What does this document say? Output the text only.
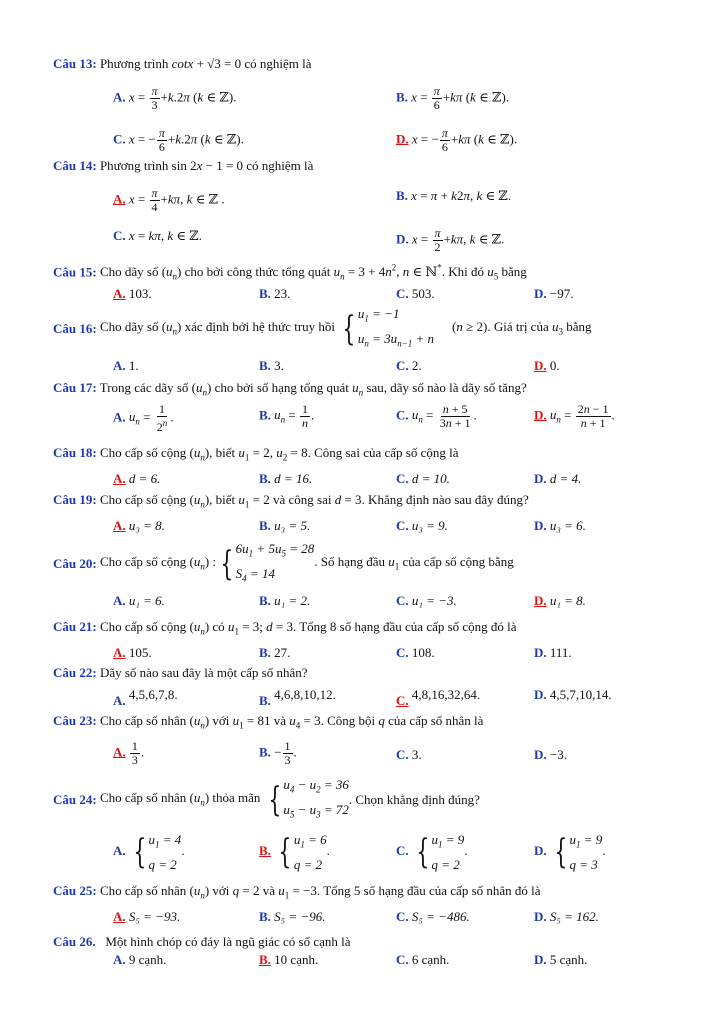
Câu 13: Phương trình cotx + √3 = 0 có nghiệm là
A. $x = \frac{\pi}{3} +k.2\pi$ (k ∈ ℤ).	B. $x = \frac{\pi}{6} +k\pi$ (k ∈ ℤ).
C. x = − $\frac{\pi}{6} +k.2\pi$ (k ∈ ℤ).	D. x = − $\frac{\pi}{6} +k\pi$ (k ∈ ℤ).
Câu 14: Phương trình sin 2x − 1 = 0 có nghiệm là
A. $x = \frac{\pi}{4} +k\pi$, k ∈ ℤ .	B. x = π + k2π, k ∈ ℤ.
C. x = kπ, k ∈ ℤ.	D. $x = \frac{\pi}{2} +k\pi$, k ∈ ℤ.
Câu 15: Cho dãy số $(u_n)$ cho bởi công thức tổng quát $u_n = 3 + 4n^2$, n ∈ ℕ*. Khi đó $u_5$ bằng
A. 103.	B. 23.	C. 503.	D. −97.
Câu 16:
Cho dãy số $(u_n)$ xác định bởi hệ thức truy hồi
{ $u_1 = -1$
$u_n = 3u_{n-1} + n$
(n ≥ 2). Giá trị của $u_3$ bằng
A. 1.	B. 3.	C. 2.	D. 0.
Câu 17: Trong các dãy số $(u_n)$ cho bởi số hạng tổng quát $u_n$ sau, dãy số nào là dãy số tăng?
A. $u_n = \frac{1}{2^n}$ .	B. $u_n = \frac{1}{n}$ .	C. $u_n = \frac{n + 5}{3n + 1}$ .	D. $u_n = \frac{2n - 1}{n + 1}$ .
Câu 18: Cho cấp số cộng $(u_n)$, biết $u_1 = 2$, $u_2 = 8$. Công sai của cấp số cộng là
A. d = 6.	B. d = 16.	C. d = 10.	D. d = 4.
Câu 19: Cho cấp số cộng $(u_n)$, biết $u_1 = 2$ và công sai d = 3. Khẳng định nào sau đây đúng?
A. u₃ = 8.	B. u₃ = 5.	C. u₃ = 9.	D. u₃ = 6.
Câu 20:
Cho cấp số cộng $(u_n)$ : { $6u_1 + 5u_5 = 28$
$S_4 = 14$
. Số hạng đầu $u_1$ của cấp số cộng bằng
A. u₁ = 6.	B. u₁ = 2.	C. u₁ = −3.	D. u₁ = 8.
Câu 21: Cho cấp số cộng $(u_n)$ có $u_1 = 3$; d = 3. Tổng 8 số hạng đầu của cấp số cộng đó là
A. 105.	B. 27.	C. 108.	D. 111.
Câu 22: Dãy số nào sau đây là một cấp số nhân?
A. 4,5,6,7,8.	B. 4,6,8,10,12.	C. 4,8,16,32,64.	D. 4,5,7,10,14.
Câu 23: Cho cấp số nhân $(u_n)$ với $u_1 = 81$ và $u_4 = 3$. Công bội q của cấp số nhân là
A. $\frac{1}{3}$ .	B. − $\frac{1}{3}$ .	C. 3.	D. −3.
Câu 24:
Cho cấp số nhân $(u_n)$ thỏa mãn
{ $u_4 - u_2 = 36$
$u_5 - u_3 = 72$
. Chọn khẳng định đúng?
A. { $u_1 = 4$
q = 2
.	B. { $u_1 = 6$
q = 2
.	C. { $u_1 = 9$
q = 2
.	D. { $u_1 = 9$
q = 3
.
Câu 25: Cho cấp số nhân $(u_n)$ với q = 2 và $u_1 = -3$. Tổng 5 số hạng đầu của cấp số nhân đó là
A. S₅ = −93.	B. S₅ = −96.	C. S₅ = −486.	D. S₅ = 162.
Câu 26. Một hình chóp có đáy là ngũ giác có số cạnh là
A. 9 cạnh.	B. 10 cạnh.	C. 6 cạnh.	D. 5 cạnh.
